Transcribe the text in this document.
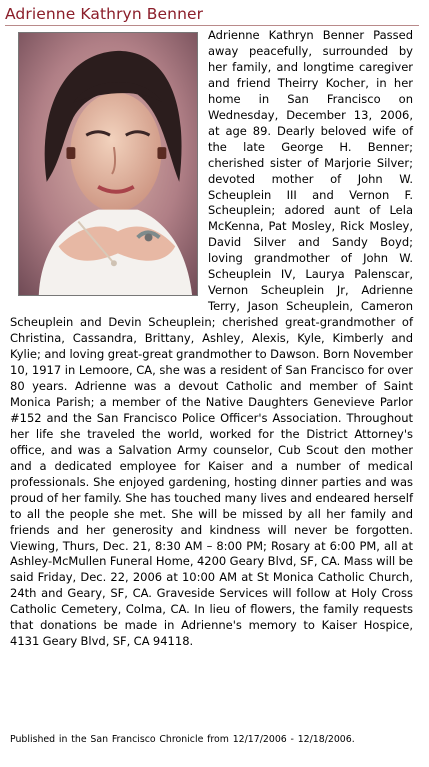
Adrienne Kathryn Benner

Adrienne Kathryn Benner Passed away peacefully, surrounded by her family, and longtime caregiver and friend Theirry Kocher, in her home in San Francisco on Wednesday, December 13, 2006, at age 89. Dearly beloved wife of the late George H. Benner; cherished sister of Marjorie Silver; devoted mother of John W. Scheuplein III and Vernon F. Scheuplein; adored aunt of Lela McKenna, Pat Mosley, Rick Mosley, David Silver and Sandy Boyd; loving grandmother of John W. Scheuplein IV, Laurya Palenscar, Vernon Scheuplein Jr, Adrienne Terry, Jason Scheuplein, Cameron Scheuplein and Devin Scheuplein; cherished great-grandmother of Christina, Cassandra, Brittany, Ashley, Alexis, Kyle, Kimberly and Kylie; and loving great-great grandmother to Dawson. Born November 10, 1917 in Lemoore, CA, she was a resident of San Francisco for over 80 years. Adrienne was a devout Catholic and member of Saint Monica Parish; a member of the Native Daughters Genevieve Parlor #152 and the San Francisco Police Officer's Association. Throughout her life she traveled the world, worked for the District Attorney's office, and was a Salvation Army counselor, Cub Scout den mother and a dedicated employee for Kaiser and a number of medical professionals. She enjoyed gardening, hosting dinner parties and was proud of her family. She has touched many lives and endeared herself to all the people she met. She will be missed by all her family and friends and her generosity and kindness will never be forgotten. Viewing, Thurs, Dec. 21, 8:30 AM – 8:00 PM; Rosary at 6:00 PM, all at Ashley-McMullen Funeral Home, 4200 Geary Blvd, SF, CA. Mass will be said Friday, Dec. 22, 2006 at 10:00 AM at St Monica Catholic Church, 24th and Geary, SF, CA. Graveside Services will follow at Holy Cross Catholic Cemetery, Colma, CA. In lieu of flowers, the family requests that donations be made in Adrienne's memory to Kaiser Hospice, 4131 Geary Blvd, SF, CA 94118.

Published in the San Francisco Chronicle from 12/17/2006 - 12/18/2006.
